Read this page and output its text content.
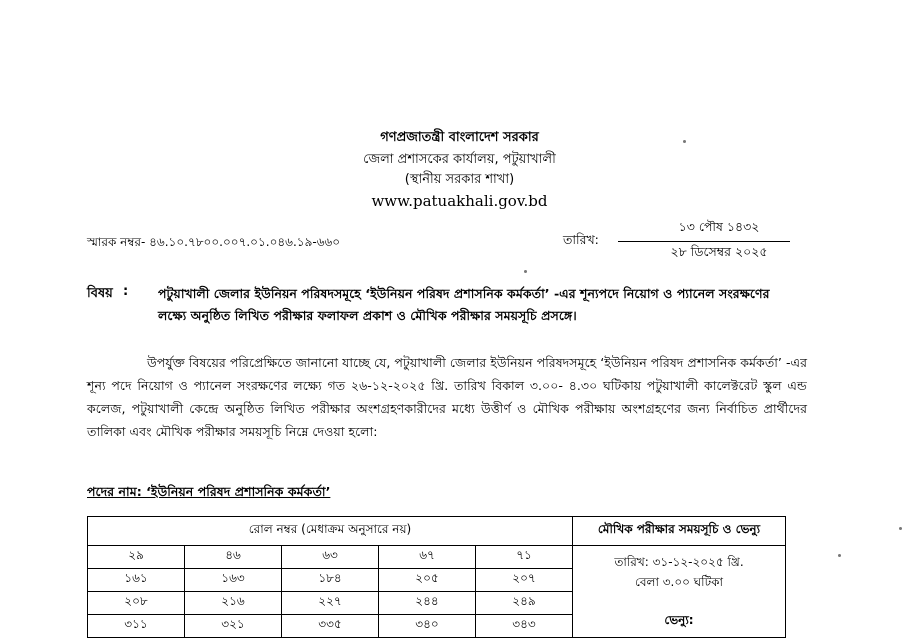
গণপ্রজাতন্ত্রী বাংলাদেশ সরকার
জেলা প্রশাসকের কার্যালয়, পটুয়াখালী
(স্থানীয় সরকার শাখা)
www.patuakhali.gov.bd
স্মারক নম্বর- ৪৬.১০.৭৮০০.০০৭.০১.০৪৬.১৯-৬৬০	তারিখ:
১৩ পৌষ ১৪৩২
২৮ ডিসেম্বর ২০২৫
বিষয় : পটুয়াখালী জেলার ইউনিয়ন পরিষদসমূহে ‘ইউনিয়ন পরিষদ প্রশাসনিক কর্মকর্তা’ -এর শূন্যপদে নিয়োগ ও প্যানেল সংরক্ষণের লক্ষ্যে অনুষ্ঠিত লিখিত পরীক্ষার ফলাফল প্রকাশ ও মৌখিক পরীক্ষার সময়সূচি প্রসঙ্গে।
উপর্যুক্ত বিষয়ের পরিপ্রেক্ষিতে জানানো যাচ্ছে যে, পটুয়াখালী জেলার ইউনিয়ন পরিষদসমূহে ‘ইউনিয়ন পরিষদ প্রশাসনিক কর্মকর্তা’ -এর শূন্য পদে নিয়োগ ও প্যানেল সংরক্ষণের লক্ষ্যে গত ২৬-১২-২০২৫ খ্রি. তারিখ বিকাল ৩.০০- ৪.৩০ ঘটিকায় পটুয়াখালী কালেক্টরেট স্কুল এন্ড কলেজ, পটুয়াখালী কেন্দ্রে অনুষ্ঠিত লিখিত পরীক্ষার অংশগ্রহণকারীদের মধ্যে উত্তীর্ণ ও মৌখিক পরীক্ষায় অংশগ্রহণের জন্য নির্বাচিত প্রার্থীদের তালিকা এবং মৌখিক পরীক্ষার সময়সূচি নিম্নে দেওয়া হলো:
পদের নাম: ‘ইউনিয়ন পরিষদ প্রশাসনিক কর্মকর্তা’
রোল নম্বর (মেধাক্রম অনুসারে নয়)					মৌখিক পরীক্ষার সময়সূচি ও ভেন্যু
২৯	৪৬	৬৩	৬৭	৭১	তারিখ: ৩১-১২-২০২৫ খ্রি.
বেলা ৩.০০ ঘটিকা
ভেন্যু:

১৬১	১৬৩	১৮৪	২০৫	২০৭	
২০৮	২১৬	২২৭	২৪৪	২৪৯	
৩১১	৩২১	৩৩৫	৩৪০	৩৪৩	
